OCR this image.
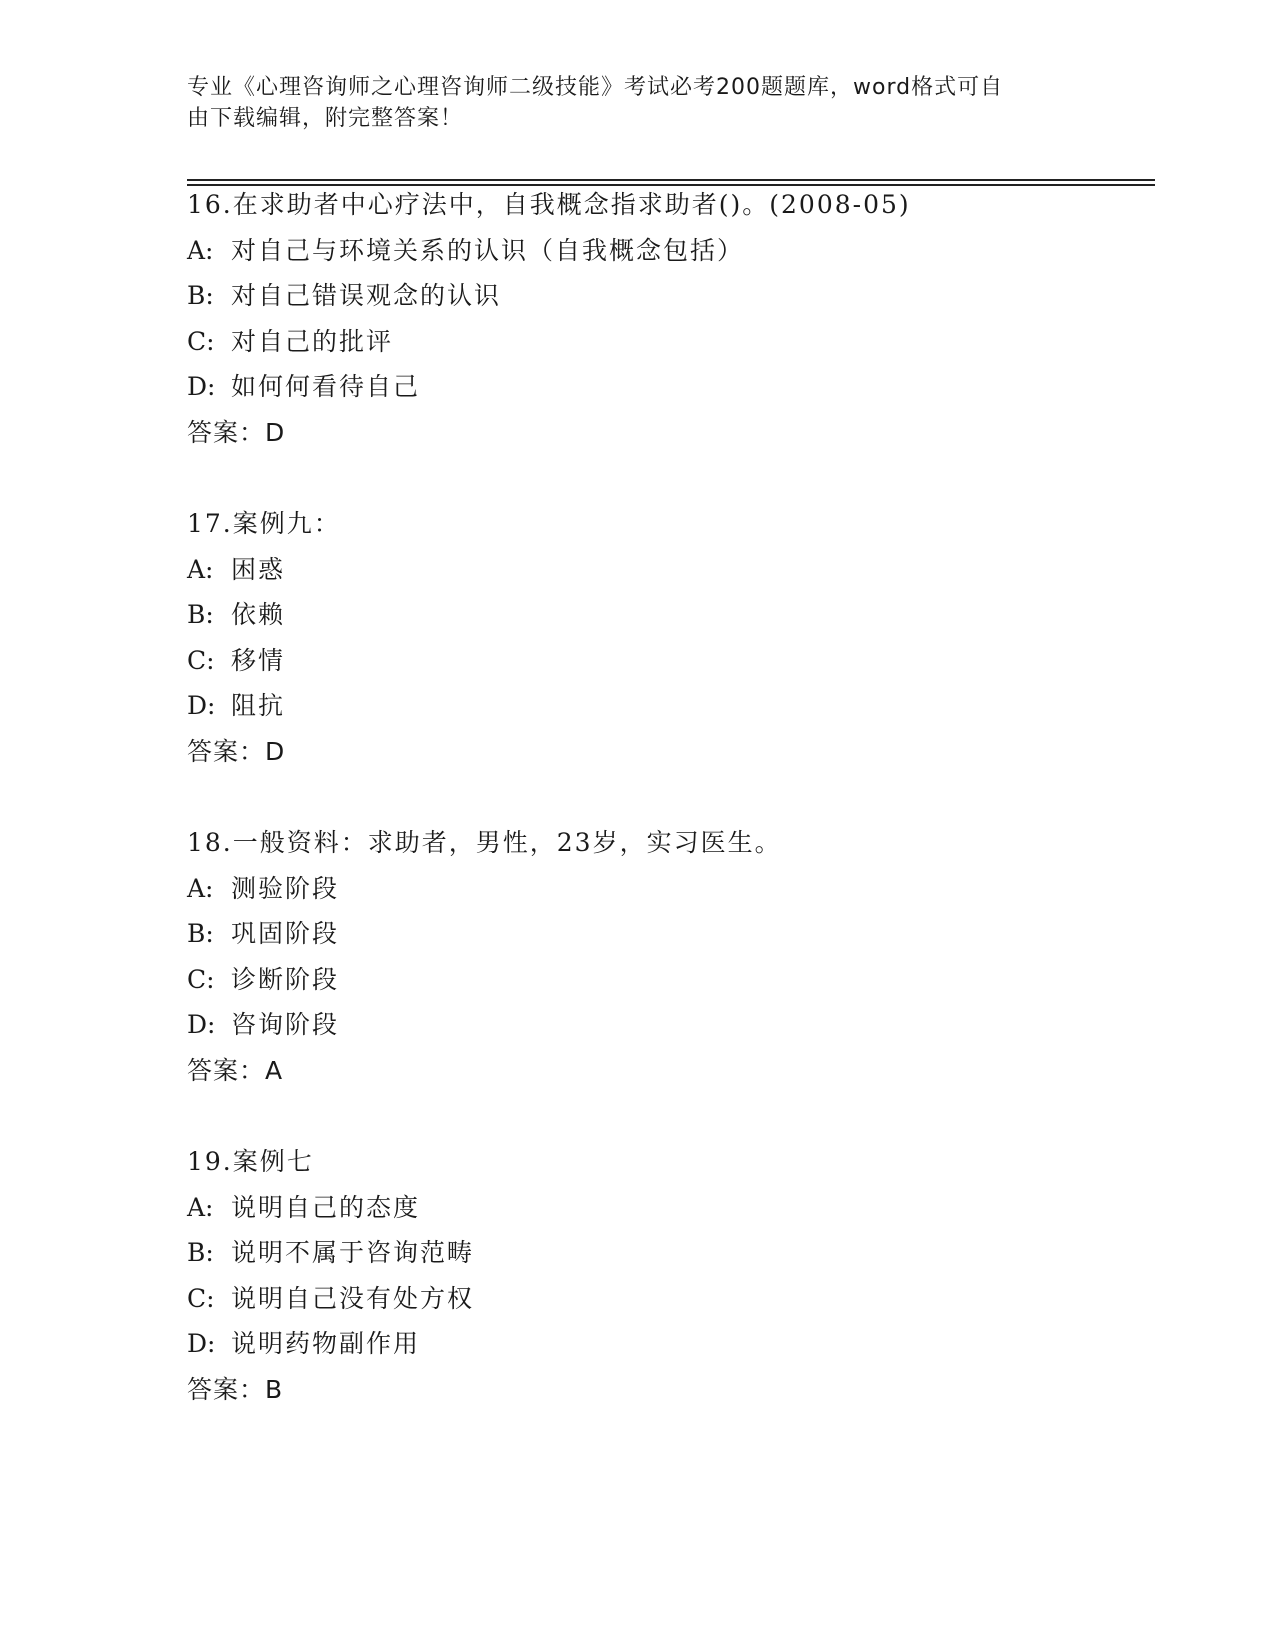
专业《心理咨询师之心理咨询师二级技能》考试必考200题题库，word格式可自
由下载编辑，附完整答案！
16.在求助者中心疗法中，自我概念指求助者()。(2008-05)
A: 对自己与环境关系的认识（自我概念包括）
B: 对自己错误观念的认识
C: 对自己的批评
D: 如何何看待自己
答案：D
17.案例九：
A: 困惑
B: 依赖
C: 移情
D: 阻抗
答案：D
18.一般资料：求助者，男性，23岁，实习医生。
A: 测验阶段
B: 巩固阶段
C: 诊断阶段
D: 咨询阶段
答案：A
19.案例七
A: 说明自己的态度
B: 说明不属于咨询范畴
C: 说明自己没有处方权
D: 说明药物副作用
答案：B
